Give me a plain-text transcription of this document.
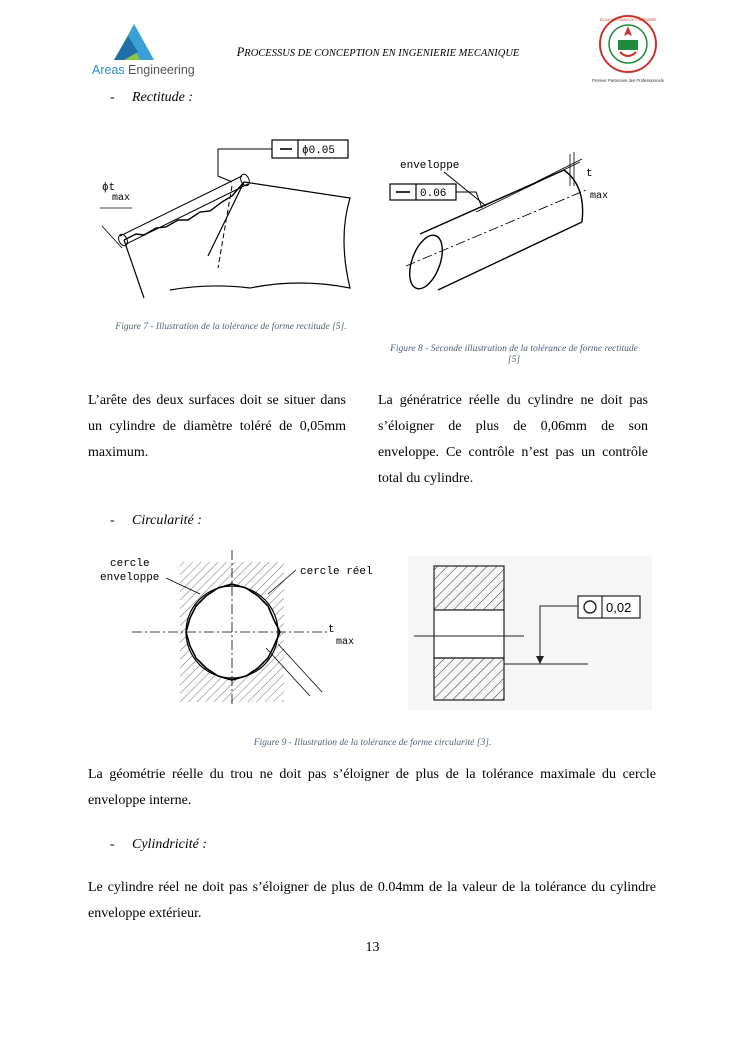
Areas Engineering
PROCESSUS DE CONCEPTION EN INGENIERIE MECANIQUE
ÉCOLE NATIONALE DE L'INGÉNIERIE
Premier Partenaire des Professionnels
- Rectitude :
ϕ0.05
ϕt
max
Figure 7 - Illustration de la tolérance de forme rectitude [5].
enveloppe
0.06
t
max
Figure 8 - Seconde illustration de la tolérance de forme rectitude [5]
L’arête des deux surfaces doit se situer dans un cylindre de diamètre toléré de 0,05mm maximum.
La génératrice réelle du cylindre ne doit pas s’éloigner de plus de 0,06mm de son enveloppe. Ce contrôle n’est pas un contrôle total du cylindre.
- Circularité :
cercle
enveloppe	cercle réel
t
max
0,02
Figure 9 - Illustration de la tolérance de forme circularité [3].
La géométrie réelle du trou ne doit pas s’éloigner de plus de la tolérance maximale du cercle enveloppe interne.
- Cylindricité :
Le cylindre réel ne doit pas s’éloigner de plus de 0.04mm de la valeur de la tolérance du cylindre enveloppe extérieur.
13
